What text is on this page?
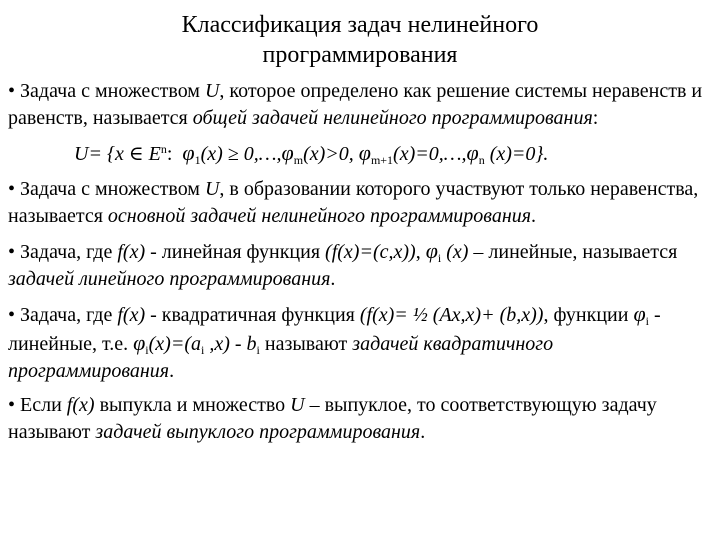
Классификация задач нелинейного
программирования

• Задача с множеством U, которое определено как решение системы неравенств и равенств, называется общей задачей нелинейного программирования:

U= {x ∈ $E^n$: $\varphi_1(x)$ ≥ $0,\dots,\varphi_m(x)>0$, $\varphi_{m+1}(x)=0,\dots,\varphi_n$ (x)=0}.

• Задача с множеством U, в образовании которого участвуют только неравенства, называется основной задачей нелинейного программирования.

• Задача, где f(x) - линейная функция (f(x)=(c,x)), $\varphi_i$ (x) – линейные, называется задачей линейного программирования.

• Задача, где f(x) - квадратичная функция (f(x)= ½ (Ax,x)+ (b,x)), функции $\varphi_i$ - линейные, т.е. $\varphi_i(x)=(a_i$ $,x) - b_i$ называют задачей квадратичного программирования.

• Если f(x) выпукла и множество U – выпуклое, то соответствующую задачу называют задачей выпуклого программирования.
